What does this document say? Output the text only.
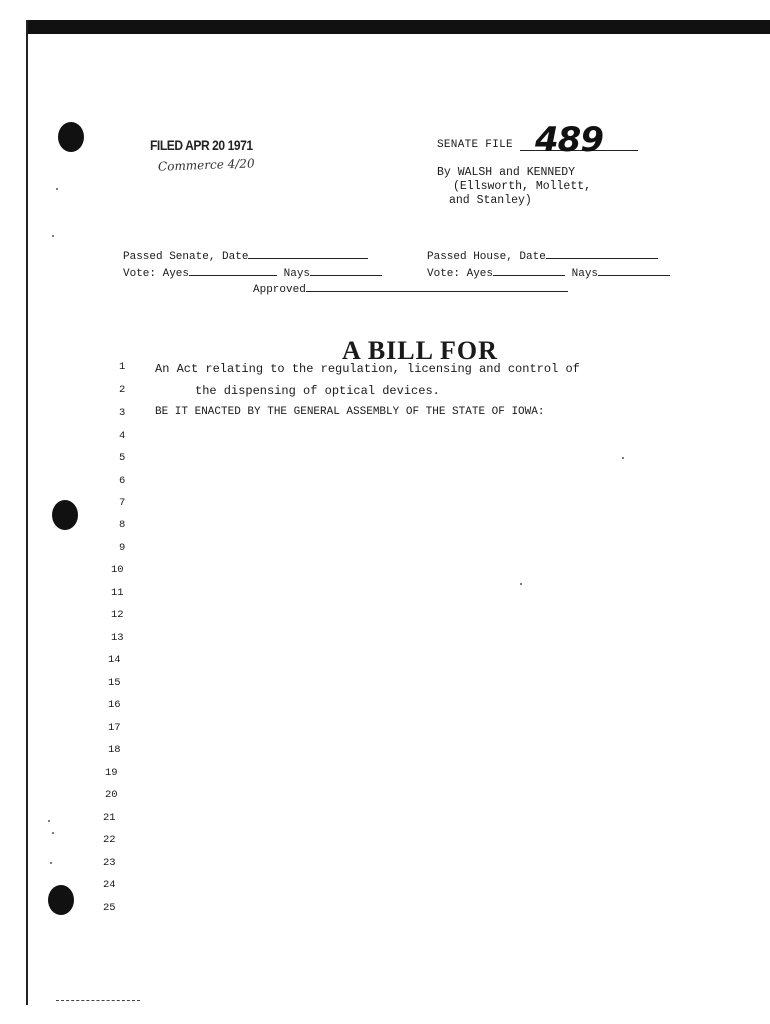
FILED APR 20 1971
Commerce 4/20
SENATE FILE 489
By WALSH and KENNEDY
(Ellsworth, Mollett,
and Stanley)
Passed Senate, Date	Passed House, Date
Vote: Ayes	Nays	Vote: Ayes	Nays
Approved
A BILL FOR
An Act relating to the regulation, licensing and control of
the dispensing of optical devices.
BE IT ENACTED BY THE GENERAL ASSEMBLY OF THE STATE OF IOWA:
1
2
3
4
5
6
7
8
9
10
11
12
13
14
15
16
17
18
19
20
21
22
23
24
25
